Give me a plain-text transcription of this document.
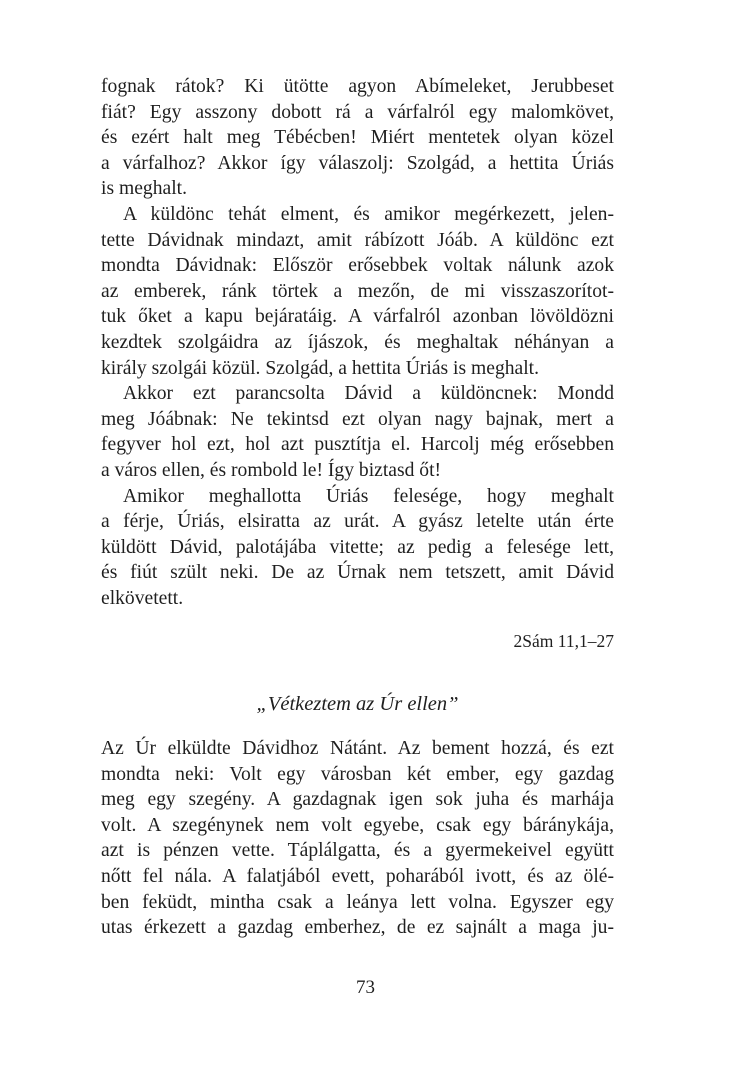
fognak rátok? Ki ütötte agyon Abímeleket, Jerubbeset
fiát? Egy asszony dobott rá a várfalról egy malomkövet,
és ezért halt meg Tébécben! Miért mentetek olyan közel
a várfalhoz? Akkor így válaszolj: Szolgád, a hettita Úriás
is meghalt.
A küldönc tehát elment, és amikor megérkezett, jelen-
tette Dávidnak mindazt, amit rábízott Jóáb. A küldönc ezt
mondta Dávidnak: Először erősebbek voltak nálunk azok
az emberek, ránk törtek a mezőn, de mi visszaszorítot-
tuk őket a kapu bejáratáig. A várfalról azonban lövöldözni
kezdtek szolgáidra az íjászok, és meghaltak néhányan a
király szolgái közül. Szolgád, a hettita Úriás is meghalt.
Akkor ezt parancsolta Dávid a küldöncnek: Mondd
meg Jóábnak: Ne tekintsd ezt olyan nagy bajnak, mert a
fegyver hol ezt, hol azt pusztítja el. Harcolj még erősebben
a város ellen, és rombold le! Így biztasd őt!
Amikor meghallotta Úriás felesége, hogy meghalt
a férje, Úriás, elsiratta az urát. A gyász letelte után érte
küldött Dávid, palotájába vitette; az pedig a felesége lett,
és fiút szült neki. De az Úrnak nem tetszett, amit Dávid
elkövetett.
2Sám 11,1–27
„Vétkeztem az Úr ellen”
Az Úr elküldte Dávidhoz Nátánt. Az bement hozzá, és ezt
mondta neki: Volt egy városban két ember, egy gazdag
meg egy szegény. A gazdagnak igen sok juha és marhája
volt. A szegénynek nem volt egyebe, csak egy báránykája,
azt is pénzen vette. Táplálgatta, és a gyermekeivel együtt
nőtt fel nála. A falatjából evett, poharából ivott, és az ölé-
ben feküdt, mintha csak a leánya lett volna. Egyszer egy
utas érkezett a gazdag emberhez, de ez sajnált a maga ju-
73
